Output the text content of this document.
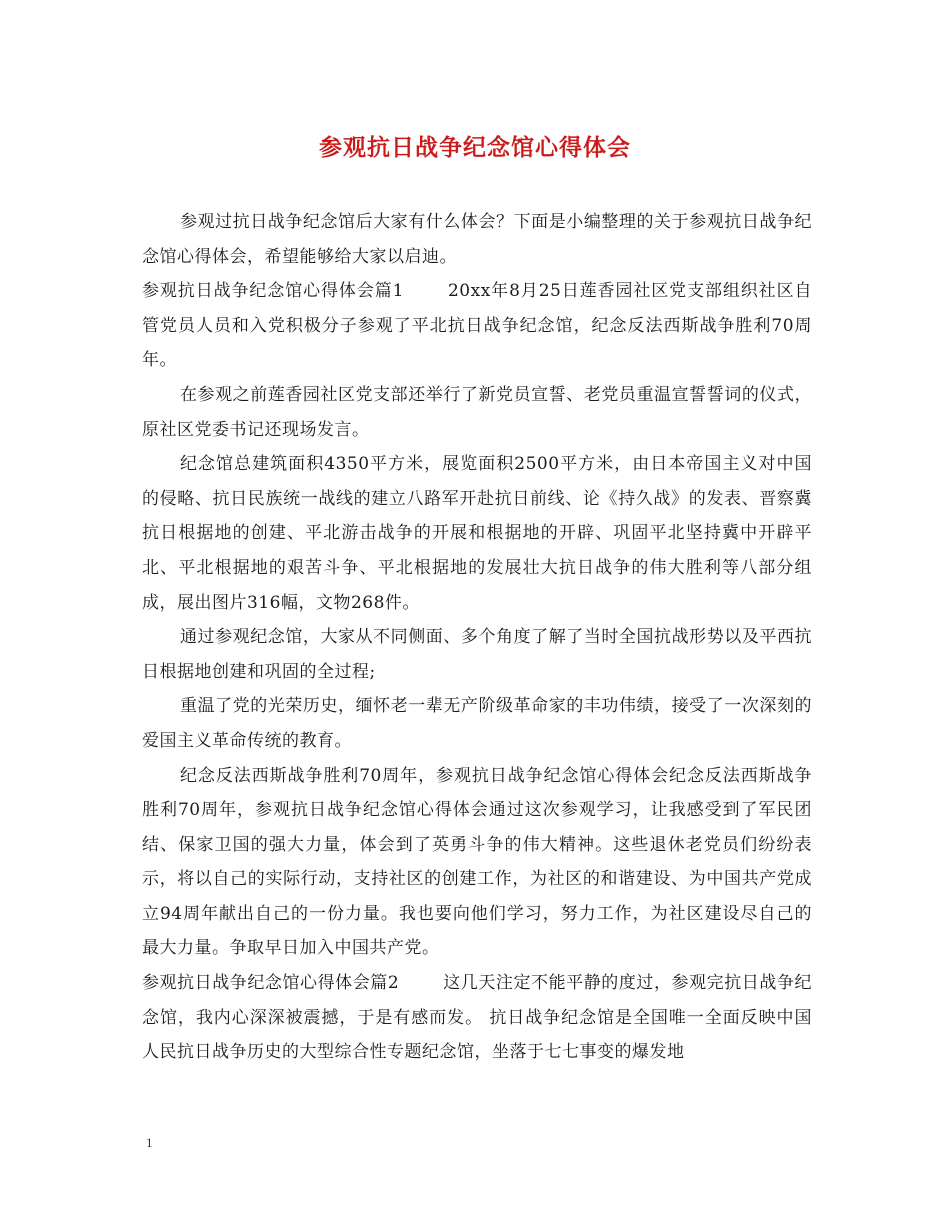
参观抗日战争纪念馆心得体会

参观过抗日战争纪念馆后大家有什么体会？下面是小编整理的关于参观抗日战争纪念馆心得体会，希望能够给大家以启迪。

参观抗日战争纪念馆心得体会篇1	20xx年8月25日莲香园社区党支部组织社区自管党员人员和入党积极分子参观了平北抗日战争纪念馆，纪念反法西斯战争胜利70周年。

在参观之前莲香园社区党支部还举行了新党员宣誓、老党员重温宣誓誓词的仪式，原社区党委书记还现场发言。

纪念馆总建筑面积4350平方米，展览面积2500平方米，由日本帝国主义对中国的侵略、抗日民族统一战线的建立八路军开赴抗日前线、论《持久战》的发表、晋察冀抗日根据地的创建、平北游击战争的开展和根据地的开辟、巩固平北坚持冀中开辟平北、平北根据地的艰苦斗争、平北根据地的发展壮大抗日战争的伟大胜利等八部分组成，展出图片316幅，文物268件。

通过参观纪念馆，大家从不同侧面、多个角度了解了当时全国抗战形势以及平西抗日根据地创建和巩固的全过程;

重温了党的光荣历史，缅怀老一辈无产阶级革命家的丰功伟绩，接受了一次深刻的爱国主义革命传统的教育。

纪念反法西斯战争胜利70周年，参观抗日战争纪念馆心得体会纪念反法西斯战争胜利70周年，参观抗日战争纪念馆心得体会通过这次参观学习，让我感受到了军民团结、保家卫国的强大力量，体会到了英勇斗争的伟大精神。这些退休老党员们纷纷表示，将以自己的实际行动，支持社区的创建工作，为社区的和谐建设、为中国共产党成立94周年献出自己的一份力量。我也要向他们学习，努力工作，为社区建设尽自己的最大力量。争取早日加入中国共产党。

参观抗日战争纪念馆心得体会篇2	这几天注定不能平静的度过，参观完抗日战争纪念馆，我内心深深被震撼，于是有感而发。 抗日战争纪念馆是全国唯一全面反映中国人民抗日战争历史的大型综合性专题纪念馆，坐落于七七事变的爆发地

1
